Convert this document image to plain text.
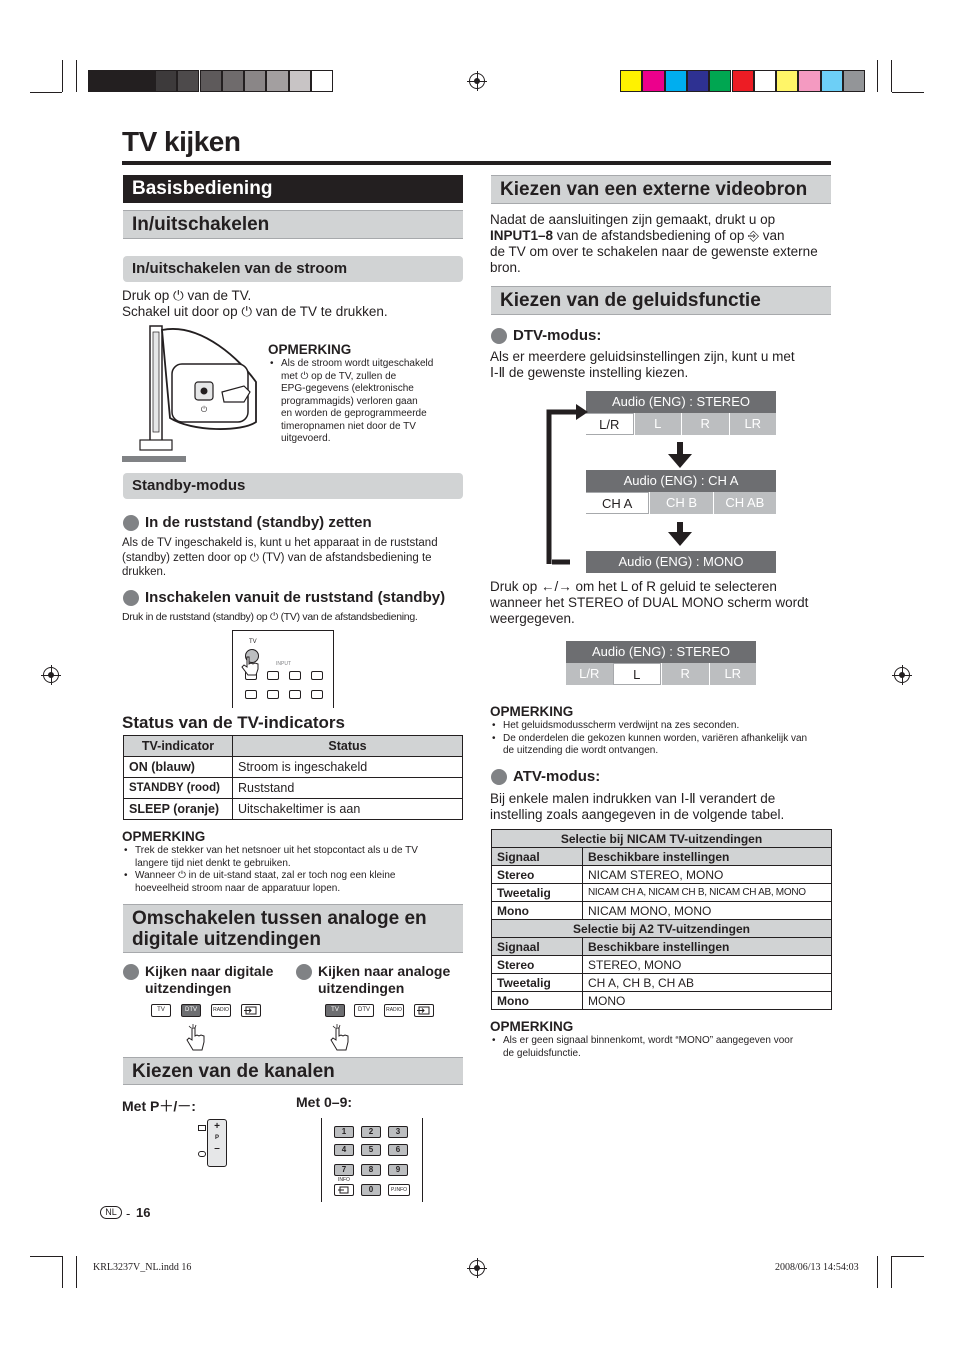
TV kijken
Basisbediening
In/uitschakelen
In/uitschakelen van de stroom
Druk op ⏻ van de TV.
Schakel uit door op ⏻ van de TV te drukken.
⏻
OPMERKING
• Als de stroom wordt uitgeschakeld
met ⏻ op de TV, zullen de
EPG-gegevens (elektronische
programmagids) verloren gaan
en worden de geprogrammeerde
timeropnamen niet door de TV
uitgevoerd.
Standby-modus
In de ruststand (standby) zetten
Als de TV ingeschakeld is, kunt u het apparaat in de ruststand
(standby) zetten door op ⏻ (TV) van de afstandsbediening te
drukken.
Inschakelen vanuit de ruststand (standby)
Druk in de ruststand (standby) op ⏻ (TV) van de afstandsbediening.
TV
INPUT
Status van de TV-indicators
TV-indicator	Status
ON (blauw)	Stroom is ingeschakeld
STANDBY (rood)	Ruststand
SLEEP (oranje)	Uitschakeltimer is aan
OPMERKING
• Trek de stekker van het netsnoer uit het stopcontact als u de TV
langere tijd niet denkt te gebruiken.
• Wanneer ⏻ in de uit-stand staat, zal er toch nog een kleine
hoeveelheid stroom naar de apparatuur lopen.
Omschakelen tussen analoge en
digitale uitzendingen
Kijken naar digitale
uitzendingen
Kijken naar analoge
uitzendingen
TV	DTV	RADIO	TV	DTV	RADIO
Kiezen van de kanalen
Met P＋/－:	Met 0–9:
+
P
–
1	2	3
4	5	6
7	8	9
INFO
0	P.INFO
NL - 16
Kiezen van een externe videobron
Nadat de aansluitingen zijn gemaakt, drukt u op
INPUT1–8 van de afstandsbediening of op ⎆ van
de TV om over te schakelen naar de gewenste externe
bron.
Kiezen van de geluidsfunctie
DTV-modus:
Als er meerdere geluidsinstellingen zijn, kunt u met
Ⅰ-Ⅱ de gewenste instelling kiezen.
Audio (ENG) : STEREO
L/R	L	R	LR
Audio (ENG) : CH A
CH A	CH B	CH AB
Audio (ENG) : MONO
Druk op ←/→ om het L of R geluid te selecteren
wanneer het STEREO of DUAL MONO scherm wordt
weergegeven.
Audio (ENG) : STEREO
L/R	L	R	LR
OPMERKING
• Het geluidsmodusscherm verdwijnt na zes seconden.
• De onderdelen die gekozen kunnen worden, variëren afhankelijk van
de uitzending die wordt ontvangen.
ATV-modus:
Bij enkele malen indrukken van Ⅰ-Ⅱ verandert de
instelling zoals aangegeven in de volgende tabel.
Selectie bij NICAM TV-uitzendingen	
Signaal	Beschikbare instellingen
Stereo	NICAM STEREO, MONO
Tweetalig	NICAM CH A, NICAM CH B, NICAM CH AB, MONO
Mono	NICAM MONO, MONO
Selectie bij A2 TV-uitzendingen	
Signaal	Beschikbare instellingen
Stereo	STEREO, MONO
Tweetalig	CH A, CH B, CH AB
Mono	MONO
OPMERKING
• Als er geen signaal binnenkomt, wordt “MONO” aangegeven voor
de geluidsfunctie.
KRL3237V_NL.indd 16	2008/06/13 14:54:03
